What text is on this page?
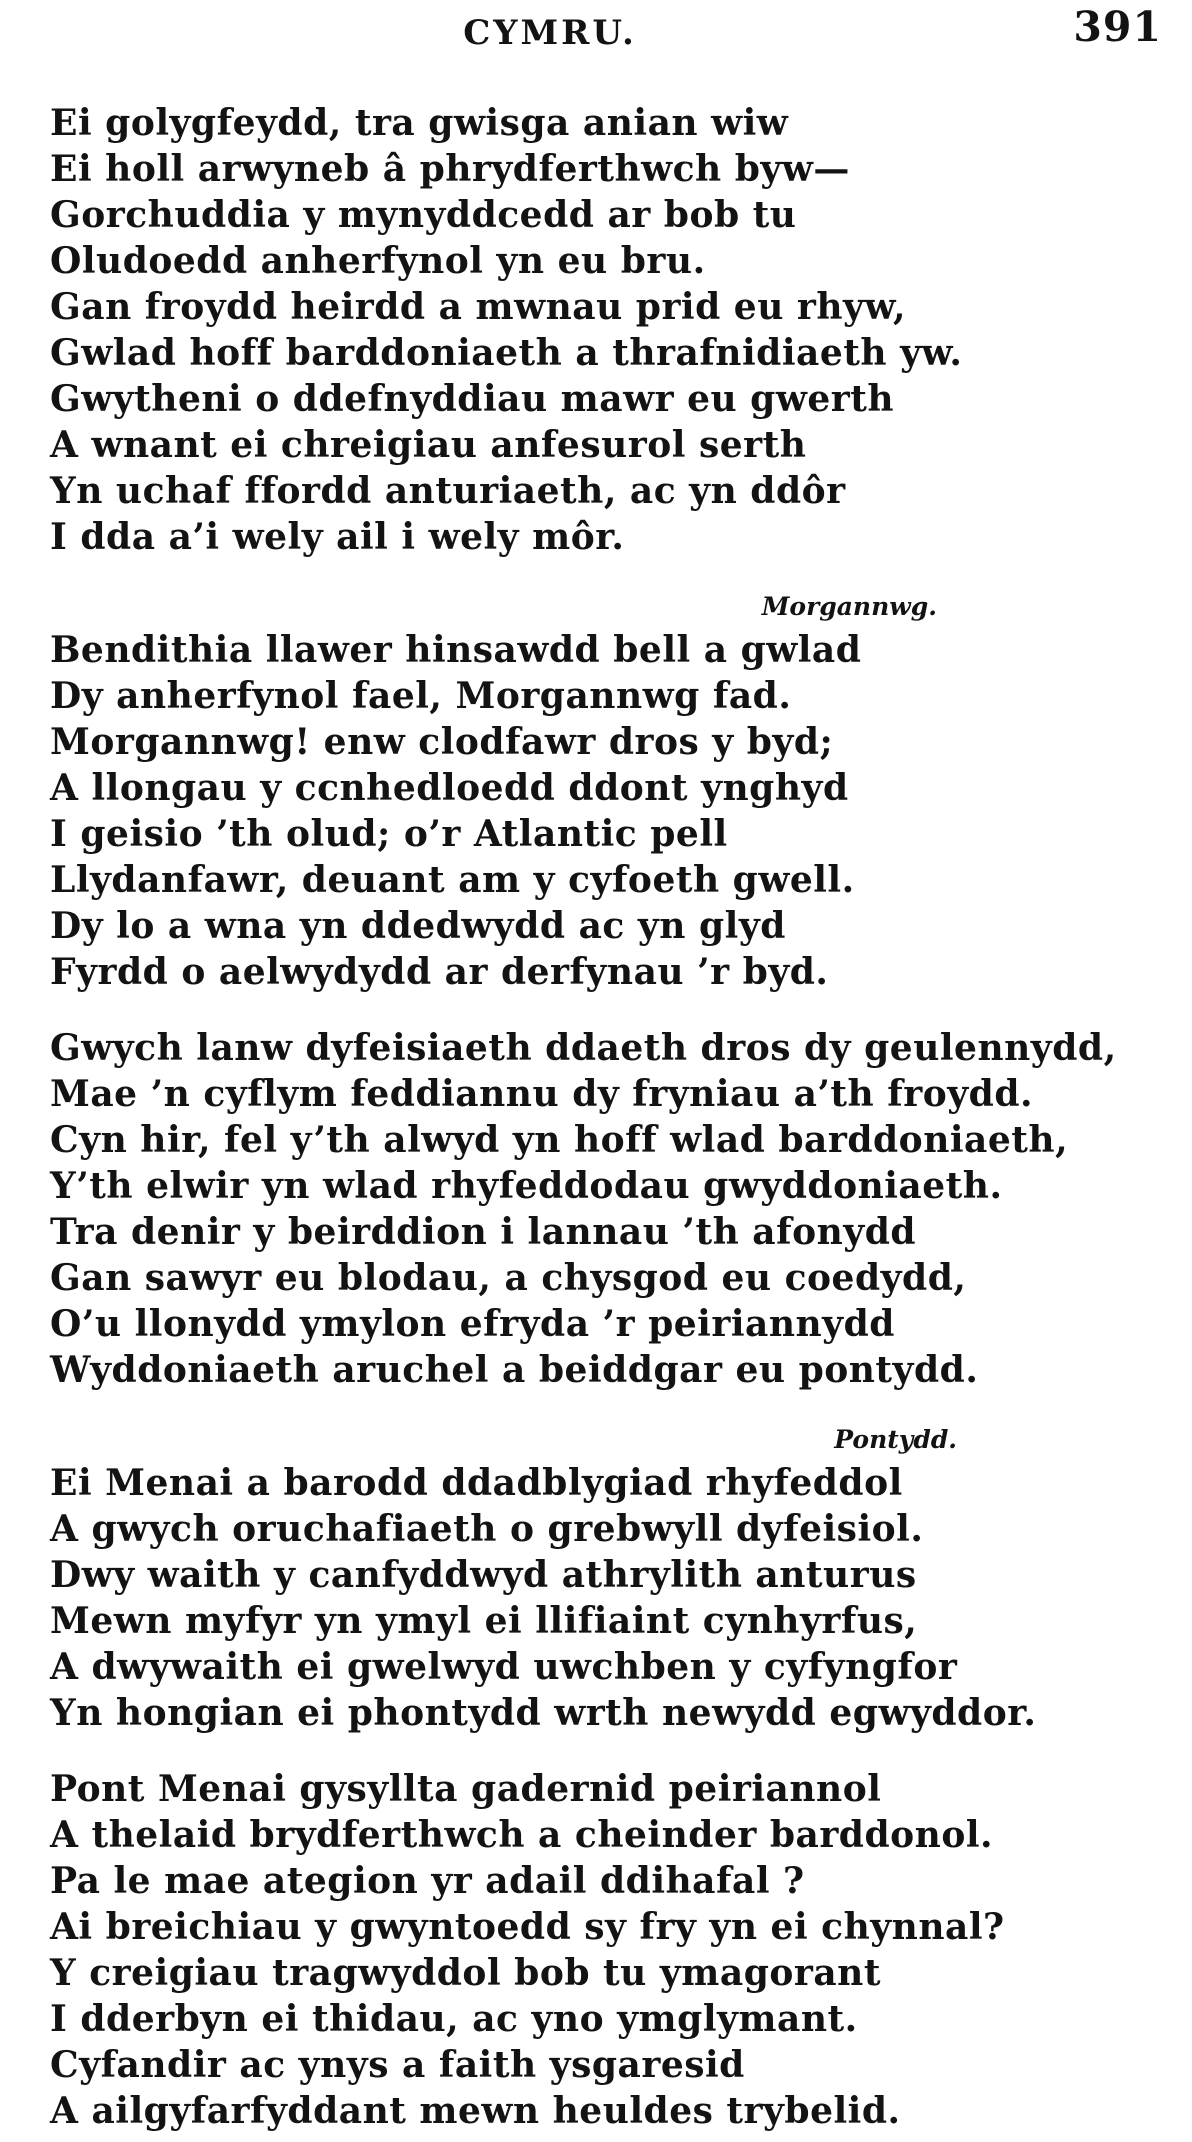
CYMRU.	391

Ei golygfeydd, tra gwisga anian wiw

Ei holl arwyneb â phrydferthwch byw—

Gorchuddia y mynyddcedd ar bob tu

Oludoedd anherfynol yn eu bru.

Gan froydd heirdd a mwnau prid eu rhyw,

Gwlad hoff barddoniaeth a thrafnidiaeth yw.

Gwytheni o ddefnyddiau mawr eu gwerth

A wnant ei chreigiau anfesurol serth

Yn uchaf ffordd anturiaeth, ac yn ddôr

I dda a’i wely ail i wely môr.

Morgannwg.

Bendithia llawer hinsawdd bell a gwlad

Dy anherfynol fael, Morgannwg fad.

Morgannwg! enw clodfawr dros y byd;

A llongau y ccnhedloedd ddont ynghyd

I geisio ’th olud; o’r Atlantic pell

Llydanfawr, deuant am y cyfoeth gwell.

Dy lo a wna yn ddedwydd ac yn glyd

Fyrdd o aelwydydd ar derfynau ’r byd.

Gwych lanw dyfeisiaeth ddaeth dros dy geulennydd,

Mae ’n cyflym feddiannu dy fryniau a’th froydd.

Cyn hir, fel y’th alwyd yn hoff wlad barddoniaeth,

Y’th elwir yn wlad rhyfeddodau gwyddoniaeth.

Tra denir y beirddion i lannau ’th afonydd

Gan sawyr eu blodau, a chysgod eu coedydd,

O’u llonydd ymylon efryda ’r peiriannydd

Wyddoniaeth aruchel a beiddgar eu pontydd.

Pontydd.

Ei Menai a barodd ddadblygiad rhyfeddol

A gwych oruchafiaeth o grebwyll dyfeisiol.

Dwy waith y canfyddwyd athrylith anturus

Mewn myfyr yn ymyl ei llifiaint cynhyrfus,

A dwywaith ei gwelwyd uwchben y cyfyngfor

Yn hongian ei phontydd wrth newydd egwyddor.

Pont Menai gysyllta gadernid peiriannol

A thelaid brydferthwch a cheinder barddonol.

Pa le mae ategion yr adail ddihafal ?

Ai breichiau y gwyntoedd sy fry yn ei chynnal?

Y creigiau tragwyddol bob tu ymagorant

I dderbyn ei thidau, ac yno ymglymant.

Cyfandir ac ynys a faith ysgaresid

A ailgyfarfyddant mewn heuldes trybelid.
